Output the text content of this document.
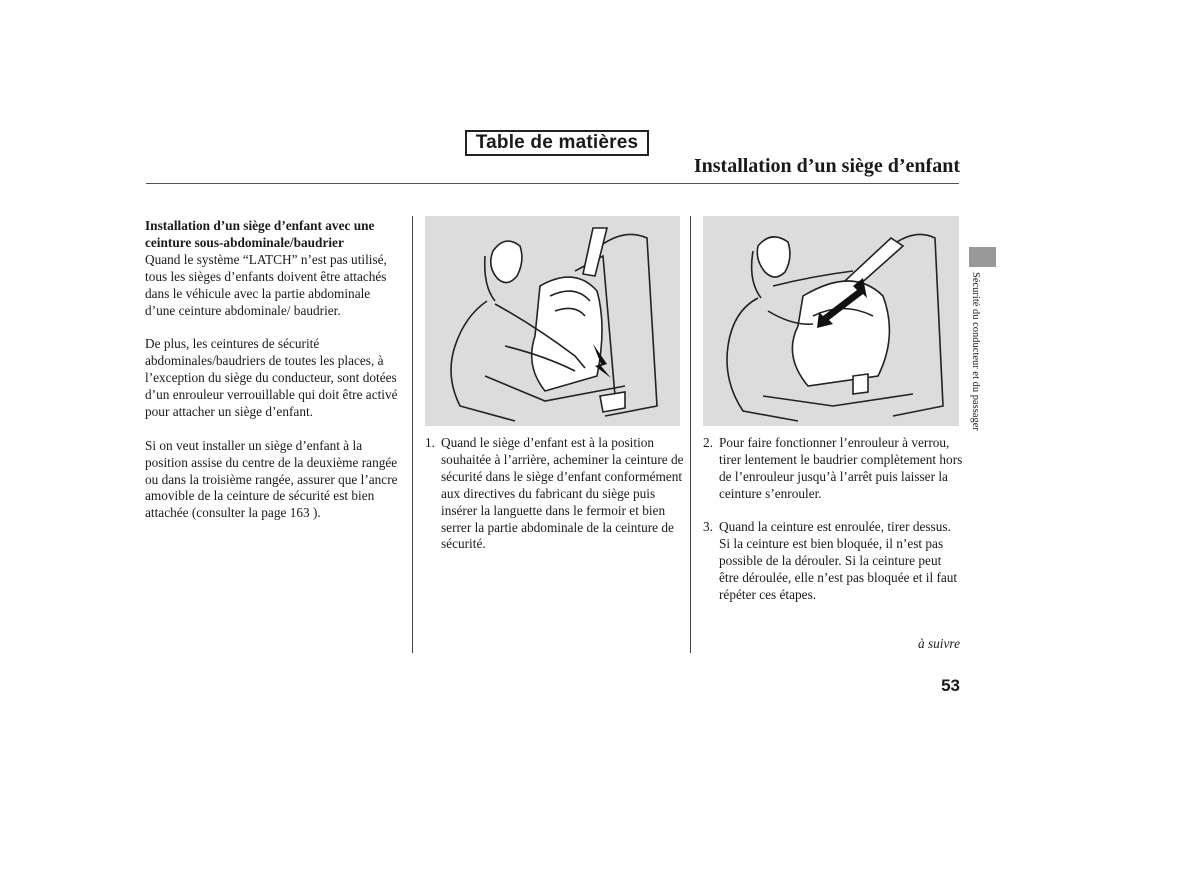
Table de matières
Installation d’un siège d’enfant
Installation d’un siège d’enfant avec une ceinture sous-abdominale/baudrier

Quand le système “LATCH” n’est pas utilisé, tous les sièges d’enfants doivent être attachés dans le véhicule avec la partie abdominale d’une ceinture abdominale/ baudrier.

De plus, les ceintures de sécurité abdominales/baudriers de toutes les places, à l’exception du siège du conducteur, sont dotées d’un enrouleur verrouillable qui doit être activé pour attacher un siège d’enfant.

Si on veut installer un siège d’enfant à la position assise du centre de la deuxième rangée ou dans la troisième rangée, assurer que l’ancre amovible de la ceinture de sécurité est bien attachée (consulter la page 163 ).

1. Quand le siège d’enfant est à la position souhaitée à l’arrière, acheminer la ceinture de sécurité dans le siège d’enfant conformément aux directives du fabricant du siège puis insérer la languette dans le fermoir et bien serrer la partie abdominale de la ceinture de sécurité.
2. Pour faire fonctionner l’enrouleur à verrou, tirer lentement le baudrier complètement hors de l’enrouleur jusqu’à l’arrêt puis laisser la ceinture s’enrouler.
3. Quand la ceinture est enroulée, tirer dessus. Si la ceinture est bien bloquée, il n’est pas possible de la dérouler. Si la ceinture peut être déroulée, elle n’est pas bloquée et il faut répéter ces étapes.
à suivre
53
Sécurité du conducteur et du passager
